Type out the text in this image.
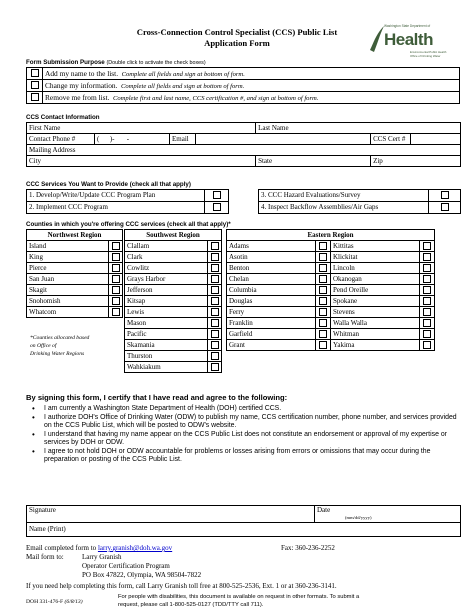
Cross-Connection Control Specialist (CCS) Public List
Application Form
Washington State Department of
Health
Environmental Public Health
Office of Drinking Water
Form Submission Purpose (Double click to activate the check boxes)
	Add my name to the list. Complete all fields and sign at bottom of form.
	Change my information. Complete all fields and sign at bottom of form.
	Remove me from list. Complete first and last name, CCS certification #, and sign at bottom of form.
CCS Contact Information
First Name				Last Name		
Contact Phone #	( )- -	Email			CCS Cert #	
Mailing Address						
City				State	Zip	
CCC Services You Want to Provide (check all that apply)
1. Develop/Write/Update CCC Program Plan			3. CCC Hazard Evaluations/Survey	
2. Implement CCC Program			4. Inspect Backflow Assemblies/Air Gaps	
Counties in which you're offering CCC services (check all that apply)*
Northwest Region	
Island	
King	
Pierce	
San Juan	
Skagit	
Snohomish	
Whatcom	
*Counties allocated based
on Office of
Drinking Water Regions
Southwest Region	
Clallam	
Clark	
Cowlitz	
Grays Harbor	
Jefferson	
Kitsap	
Lewis	
Mason	
Pacific	
Skamania	
Thurston	
Wahkiakum	
Eastern Region			
Adams		Kittitas	
Asotin		Klickitat	
Benton		Lincoln	
Chelan		Okanogan	
Columbia		Pend Oreille	
Douglas		Spokane	
Ferry		Stevens	
Franklin		Walla Walla	
Garfield		Whitman	
Grant		Yakima	
By signing this form, I certify that I have read and agree to the following:
• I am currently a Washington State Department of Health (DOH) certified CCS.
• I authorize DOH's Office of Drinking Water (ODW) to publish my name, CCS certification number, phone number, and services provided on the CCS Public List, which will be posted to ODW's website.
• I understand that having my name appear on the CCS Public List does not constitute an endorsement or approval of my expertise or services by DOH or ODW.
• I agree to not hold DOH or ODW accountable for problems or losses arising from errors or omissions that may occur during the preparation or posting of the CCS Public List.
Signature	Date
(mm/dd/yyyy)

Name (Print)
Email completed form to larry.granish@doh.wa.gov	Fax: 360-236-2252
Mail form to:	Larry Granish
Operator Certification Program
PO Box 47822, Olympia, WA 98504-7822
If you need help completing this form, call Larry Granish toll free at 800-525-2536, Ext. 1 or at 360-236-3141.
DOH 331-476-F (6/8/13)
For people with disabilities, this document is available on request in other formats. To submit a
request, please call 1-800-525-0127 (TDD/TTY call 711).
